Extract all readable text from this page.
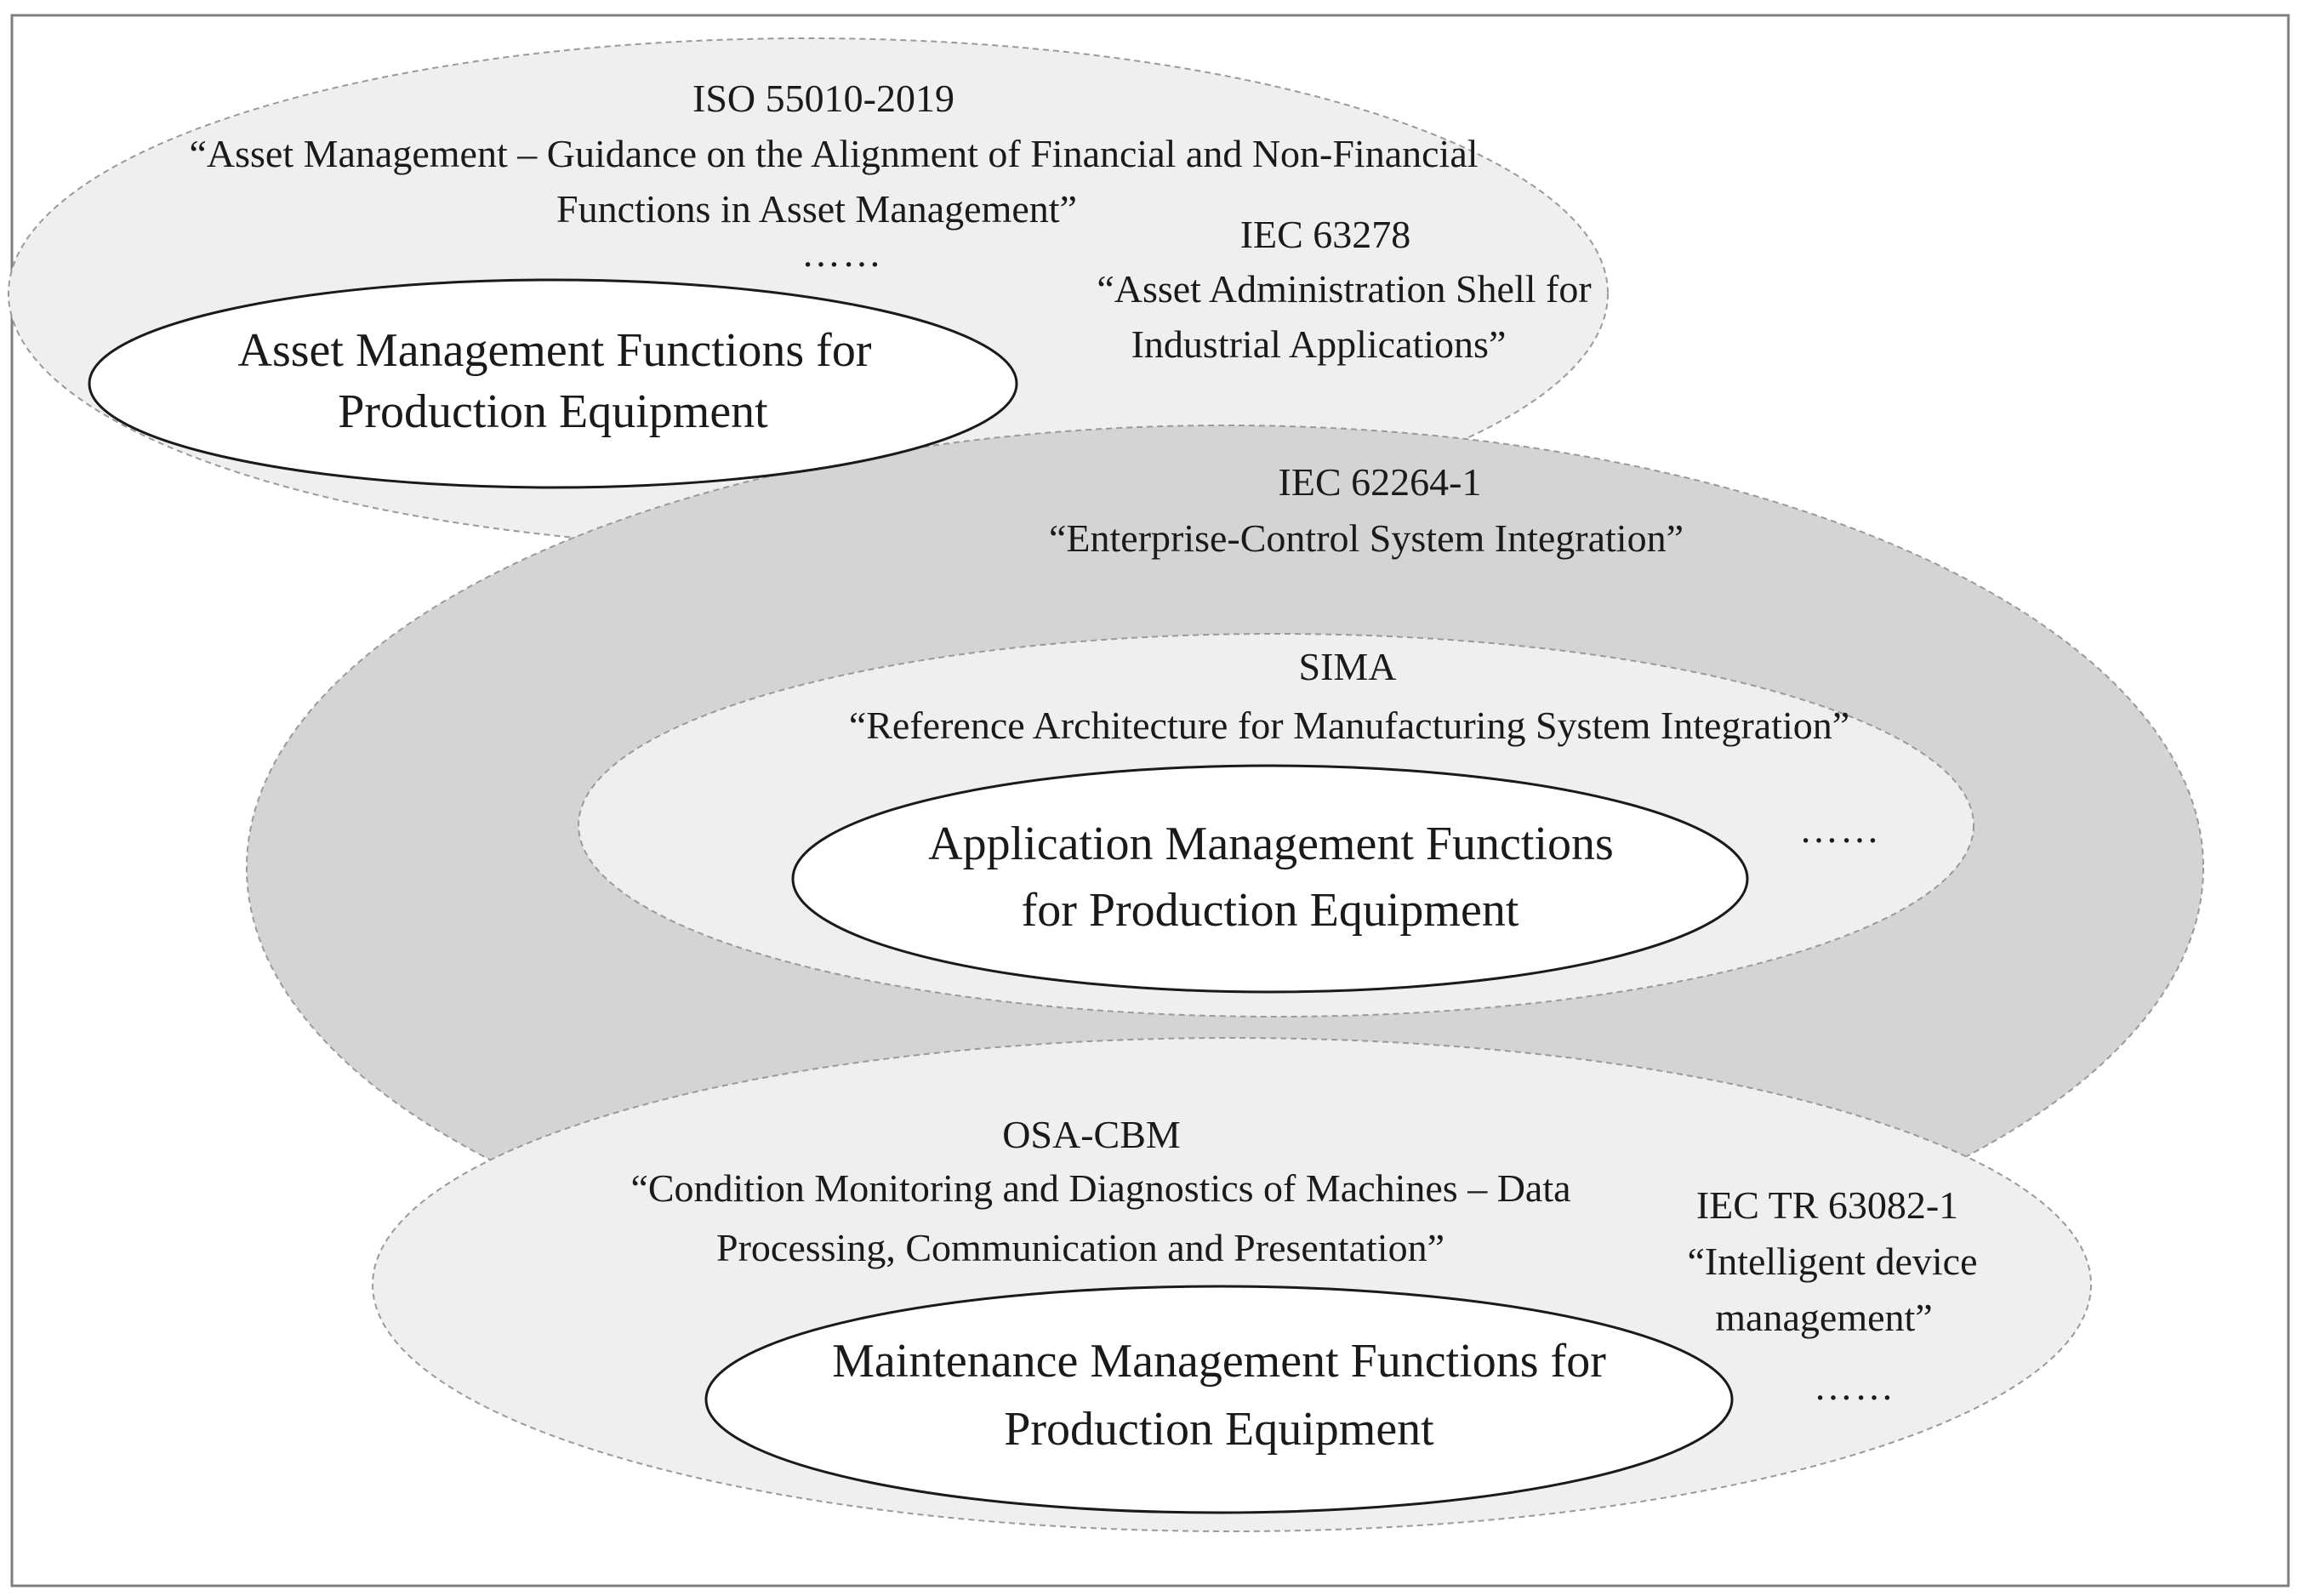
ISO 55010-2019
“Asset Management – Guidance on the Alignment of Financial and Non-Financial
Functions in Asset Management”
……	IEC 63278
“Asset Administration Shell for
Industrial Applications”
Asset Management Functions for
Production Equipment
IEC 62264-1
“Enterprise-Control System Integration”
SIMA
“Reference Architecture for Manufacturing System Integration”
……
Application Management Functions
for Production Equipment
OSA-CBM
“Condition Monitoring and Diagnostics of Machines – Data
Processing, Communication and Presentation”
IEC TR 63082-1
“Intelligent device
management”
……
Maintenance Management Functions for
Production Equipment
